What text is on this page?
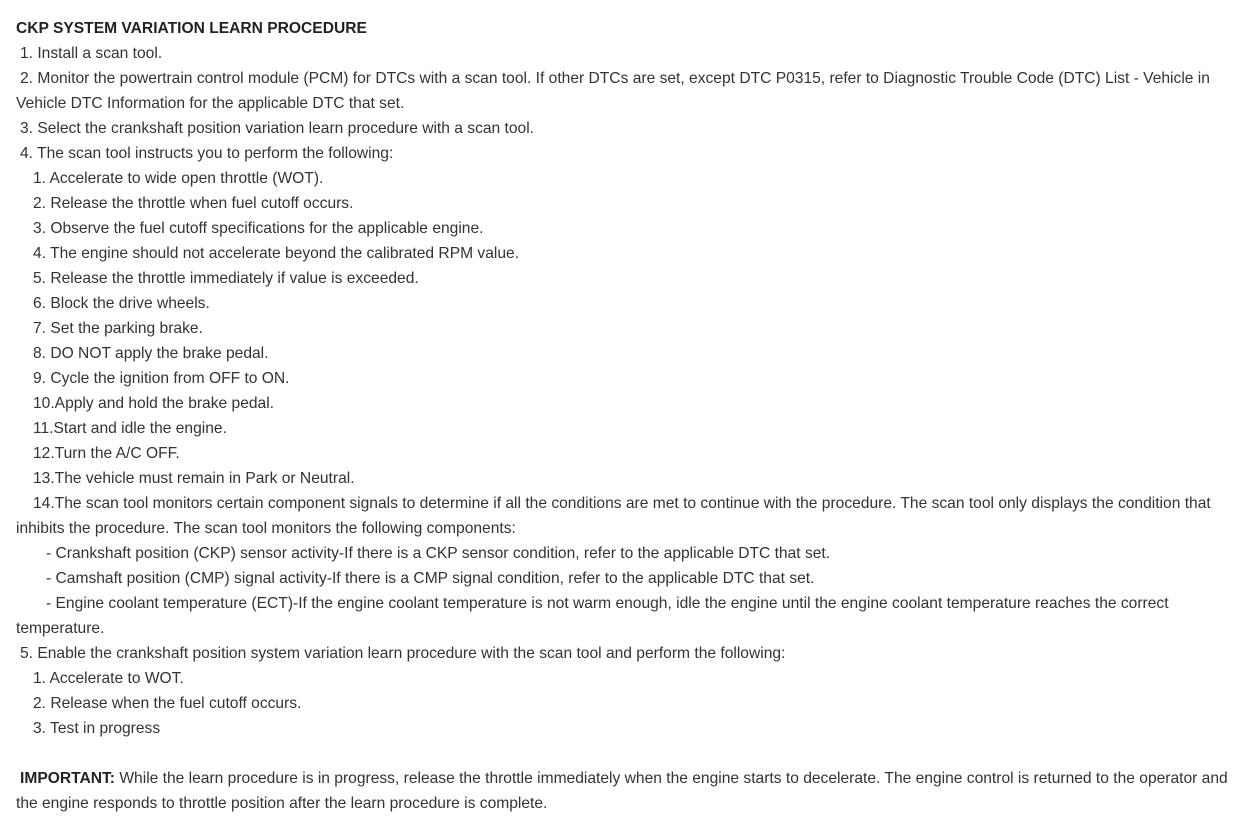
CKP SYSTEM VARIATION LEARN PROCEDURE
1. Install a scan tool.
2. Monitor the powertrain control module (PCM) for DTCs with a scan tool. If other DTCs are set, except DTC P0315, refer to Diagnostic Trouble Code (DTC) List - Vehicle in Vehicle DTC Information for the applicable DTC that set.
3. Select the crankshaft position variation learn procedure with a scan tool.
4. The scan tool instructs you to perform the following:
1. Accelerate to wide open throttle (WOT).
2. Release the throttle when fuel cutoff occurs.
3. Observe the fuel cutoff specifications for the applicable engine.
4. The engine should not accelerate beyond the calibrated RPM value.
5. Release the throttle immediately if value is exceeded.
6. Block the drive wheels.
7. Set the parking brake.
8. DO NOT apply the brake pedal.
9. Cycle the ignition from OFF to ON.
10.Apply and hold the brake pedal.
11.Start and idle the engine.
12.Turn the A/C OFF.
13.The vehicle must remain in Park or Neutral.
14.The scan tool monitors certain component signals to determine if all the conditions are met to continue with the procedure. The scan tool only displays the condition that inhibits the procedure. The scan tool monitors the following components:
- Crankshaft position (CKP) sensor activity-If there is a CKP sensor condition, refer to the applicable DTC that set.
- Camshaft position (CMP) signal activity-If there is a CMP signal condition, refer to the applicable DTC that set.
- Engine coolant temperature (ECT)-If the engine coolant temperature is not warm enough, idle the engine until the engine coolant temperature reaches the correct temperature.
5. Enable the crankshaft position system variation learn procedure with the scan tool and perform the following:
1. Accelerate to WOT.
2. Release when the fuel cutoff occurs.
3. Test in progress
IMPORTANT: While the learn procedure is in progress, release the throttle immediately when the engine starts to decelerate. The engine control is returned to the operator and the engine responds to throttle position after the learn procedure is complete.
